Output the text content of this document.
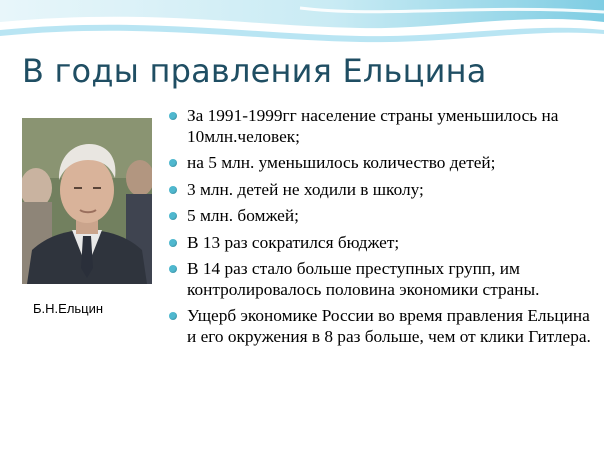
В годы правления Ельцина
Б.Н.Ельцин
За 1991-1999гг население страны уменьшилось на 10млн.человек;
на 5 млн. уменьшилось количество детей;
3 млн. детей не ходили в школу;
5 млн. бомжей;
В 13 раз сократился бюджет;
В 14 раз стало больше преступных групп, им контролировалось половина экономики страны.
Ущерб экономике России во время правления Ельцина и его окружения в 8 раз больше, чем от клики Гитлера.
